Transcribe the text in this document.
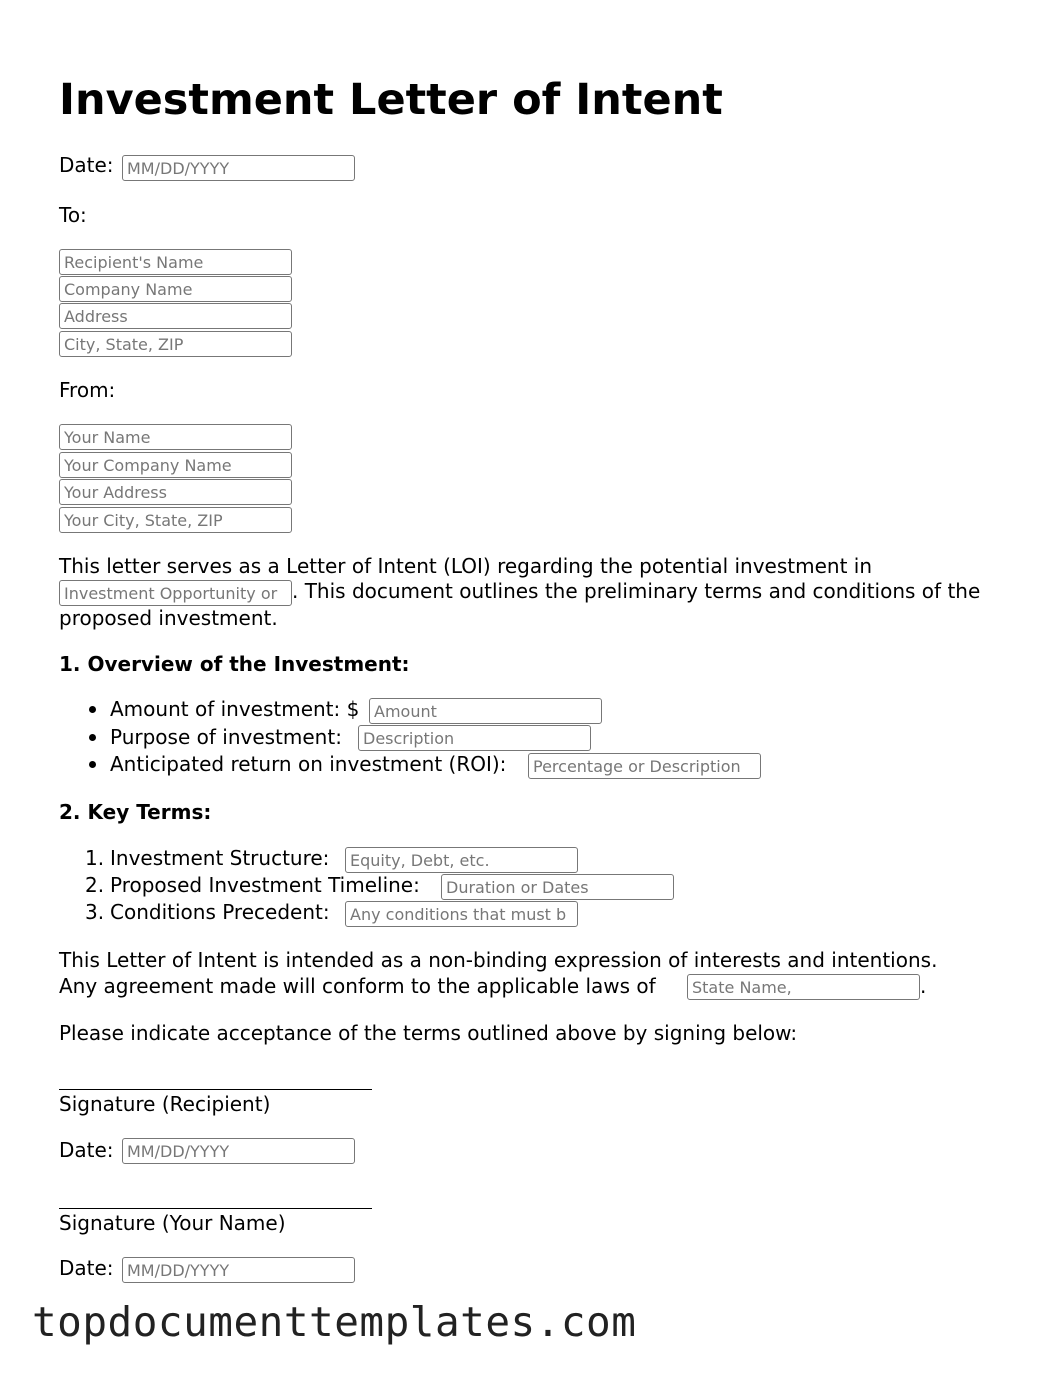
Investment Letter of Intent
Date:
MM/DD/YYYY
To:
Recipient's Name
Company Name
Address
City, State, ZIP
From:
Your Name
Your Company Name
Your Address
Your City, State, ZIP
This letter serves as a Letter of Intent (LOI) regarding the potential investment in
Investment Opportunity or
. This document outlines the preliminary terms and conditions of the
proposed investment.
1. Overview of the Investment:
Amount of investment: $
Amount
Purpose of investment:
Description
Anticipated return on investment (ROI):
Percentage or Description
2. Key Terms:
1. Investment Structure:
Equity, Debt, etc.
2. Proposed Investment Timeline:
Duration or Dates
3. Conditions Precedent:
Any conditions that must b
This Letter of Intent is intended as a non-binding expression of interests and intentions.
Any agreement made will conform to the applicable laws of
State Name,	.
Please indicate acceptance of the terms outlined above by signing below:
Signature (Recipient)
Date:
MM/DD/YYYY
Signature (Your Name)
Date:
MM/DD/YYYY
topdocumenttemplates.com
